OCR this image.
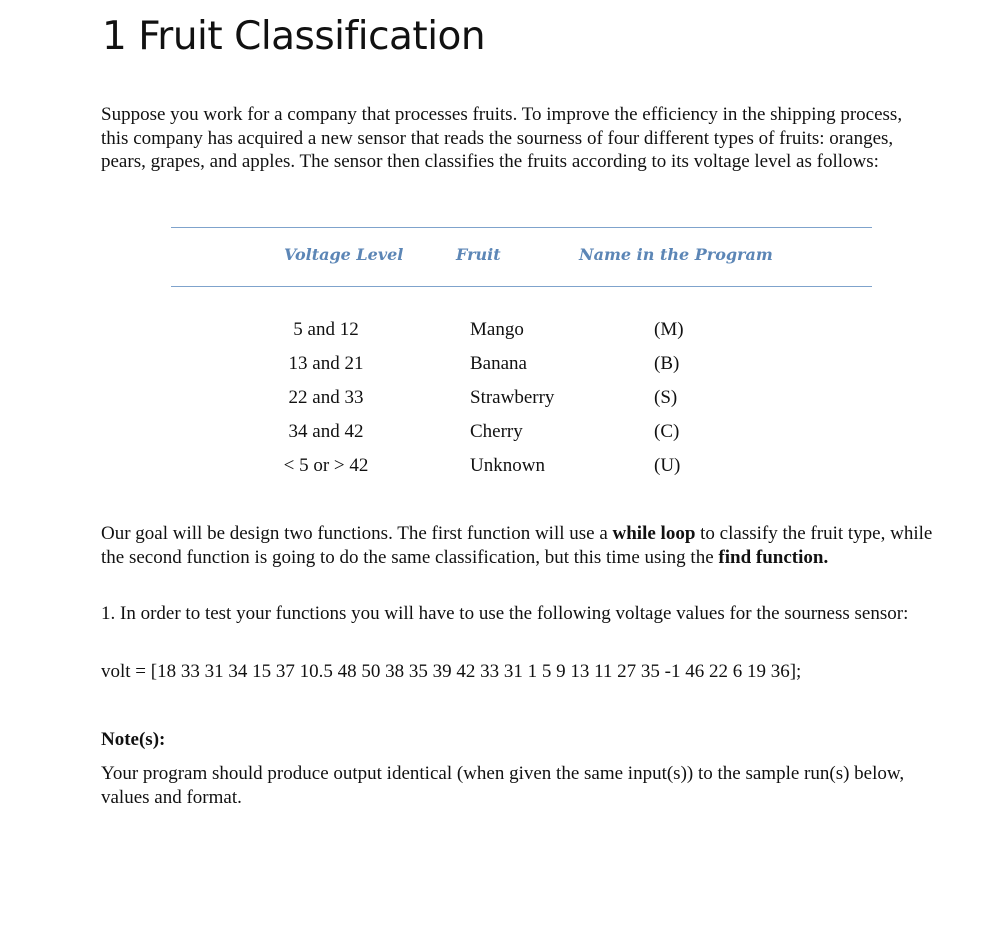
1 Fruit Classification

Suppose you work for a company that processes fruits. To improve the efficiency in the shipping process, this company has acquired a new sensor that reads the sourness of four different types of fruits: oranges, pears, grapes, and apples. The sensor then classifies the fruits according to its voltage level as follows:

Voltage Level	Fruit	Name in the Program
5 and 12	Mango	(M)
13 and 21	Banana	(B)
22 and 33	Strawberry	(S)
34 and 42	Cherry	(C)
< 5 or > 42	Unknown	(U)

Our goal will be design two functions. The first function will use a while loop to classify the fruit type, while the second function is going to do the same classification, but this time using the find function.

1. In order to test your functions you will have to use the following voltage values for the sourness sensor:

volt = [18 33 31 34 15 37 10.5 48 50 38 35 39 42 33 31 1 5 9 13 11 27 35 -1 46 22 6 19 36];

Note(s):

Your program should produce output identical (when given the same input(s)) to the sample run(s) below, values and format.
